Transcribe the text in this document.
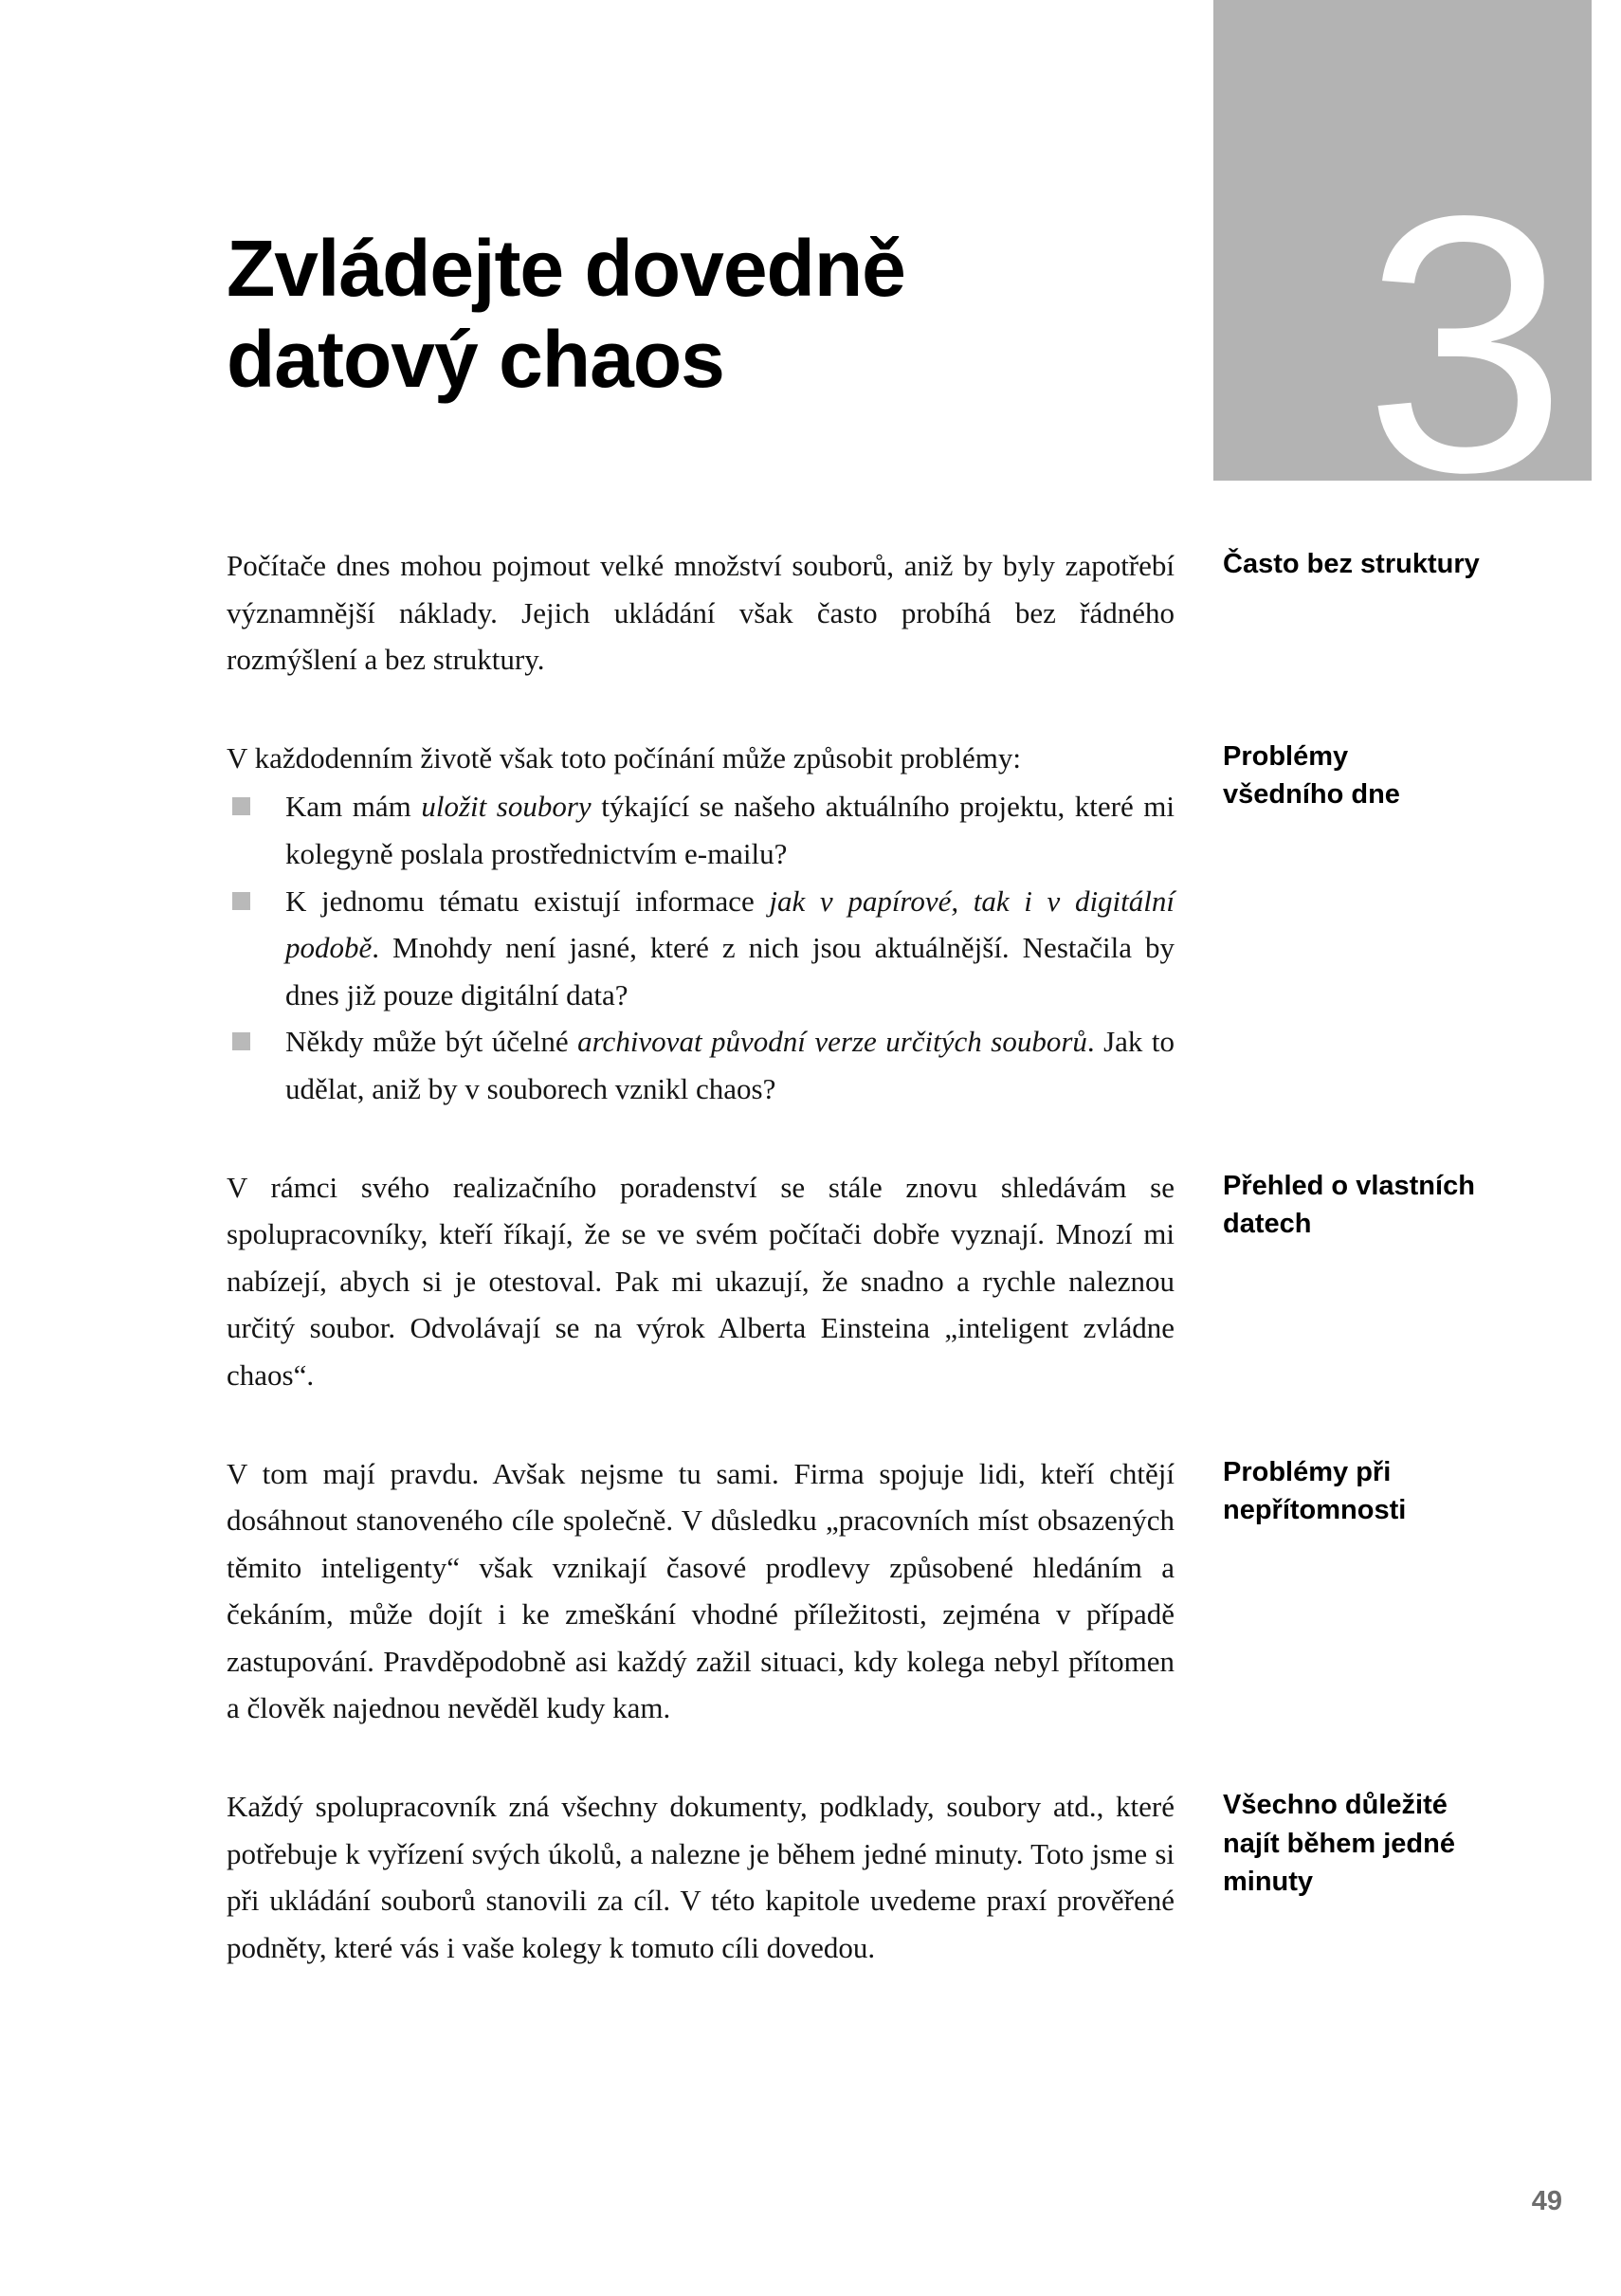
3
Zvládejte dovedně
datový chaos

Počítače dnes mohou pojmout velké množství souborů, aniž by byly zapotřebí významnější náklady. Jejich ukládání však často probíhá bez řádného rozmýšlení a bez struktury.

Často bez struktury

V každodenním životě však toto počínání může způsobit problémy:

Kam mám uložit soubory týkající se našeho aktuálního projektu, které mi kolegyně poslala prostřednictvím e-mailu?
K jednomu tématu existují informace jak v papírové, tak i v digitální podobě. Mnohdy není jasné, které z nich jsou aktuálnější. Nestačila by dnes již pouze digitální data?
Někdy může být účelné archivovat původní verze určitých souborů. Jak to udělat, aniž by v souborech vznikl chaos?
Problémy
všedního dne

V rámci svého realizačního poradenství se stále znovu shledávám se spolupracovníky, kteří říkají, že se ve svém počítači dobře vyznají. Mnozí mi nabízejí, abych si je otestoval. Pak mi ukazují, že snadno a rychle naleznou určitý soubor. Odvolávají se na výrok Alberta Einsteina „inteligent zvládne chaos“.

Přehled o vlastních
datech

V tom mají pravdu. Avšak nejsme tu sami. Firma spojuje lidi, kteří chtějí dosáhnout stanoveného cíle společně. V důsledku „pracovních míst obsazených těmito inteligenty“ však vznikají časové prodlevy způsobené hledáním a čekáním, může dojít i ke zmeškání vhodné příležitosti, zejména v případě zastupování. Pravděpodobně asi každý zažil situaci, kdy kolega nebyl přítomen a člověk najednou nevěděl kudy kam.

Problémy při
nepřítomnosti

Každý spolupracovník zná všechny dokumenty, podklady, soubory atd., které potřebuje k vyřízení svých úkolů, a nalezne je během jedné minuty. Toto jsme si při ukládání souborů stanovili za cíl. V této kapitole uvedeme praxí prověřené podněty, které vás i vaše kolegy k tomuto cíli dovedou.

Všechno důležité
najít během jedné
minuty
49
